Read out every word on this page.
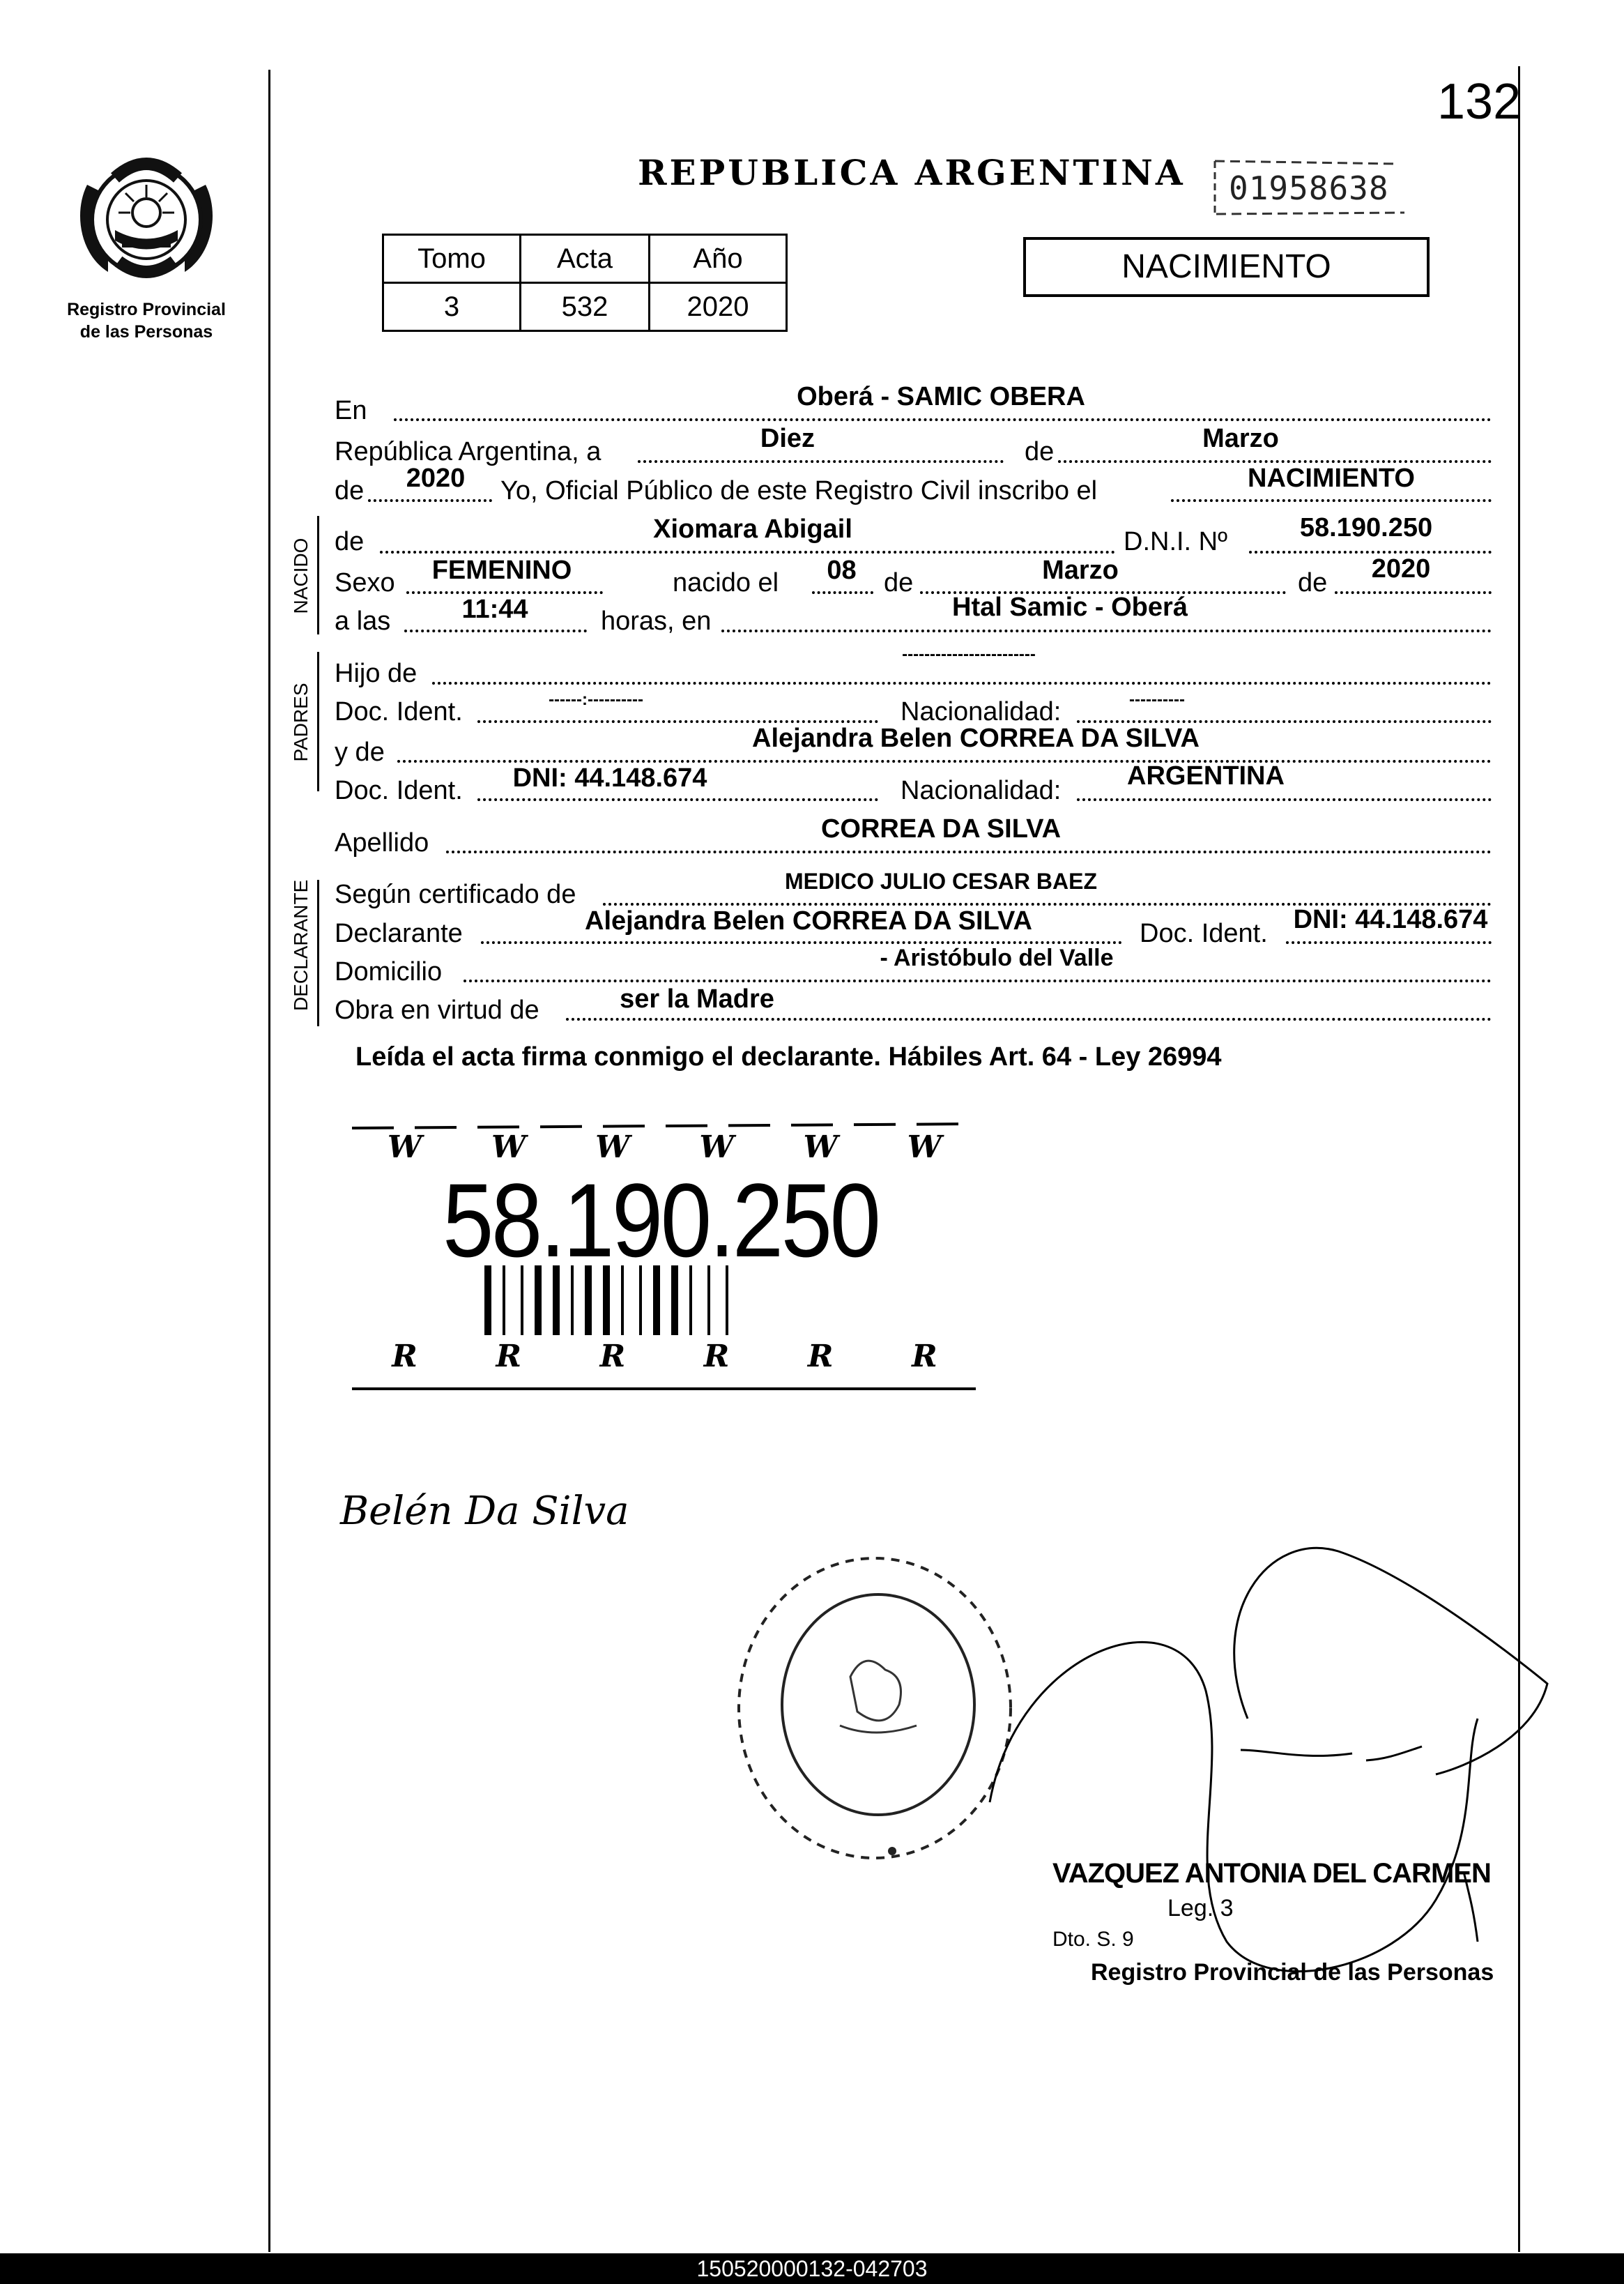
132
01958638
REPUBLICA ARGENTINA
Registro Provincial
de las Personas
Tomo	Acta	Año
3	532	2020
NACIMIENTO
En	Oberá - SAMIC OBERA
República Argentina, a	Diez	de	Marzo
de	2020	Yo, Oficial Público de este Registro Civil inscribo el	NACIMIENTO
NACIDO de	Xiomara Abigail	D.N.I. Nº	58.190.250
Sexo	FEMENINO	nacido el	08	de	Marzo	de	2020
a las	11:44	horas, en	Htal Samic - Oberá
PADRES
Hijo de
------------------------
Doc. Ident.	------:----------	Nacionalidad:	----------
y de	Alejandra Belen CORREA DA SILVA
Doc. Ident.	DNI: 44.148.674	Nacionalidad:	ARGENTINA
Apellido	CORREA DA SILVA
DECLARANTE Según certificado de	MEDICO JULIO CESAR BAEZ
Declarante	Alejandra Belen CORREA DA SILVA	Doc. Ident. DNI: 44.148.674
Domicilio	- Aristóbulo del Valle
Obra en virtud de	ser la Madre
Leída el acta firma conmigo el declarante. Hábiles Art. 64 - Ley 26994
W W W W W W
R	R	R	R	R	R
58.190.250
Belén Da Silva
VAZQUEZ ANTONIA DEL CARMEN
Leg. 3
Dto. S. 9
Registro Provincial de las Personas
150520000132-042703
